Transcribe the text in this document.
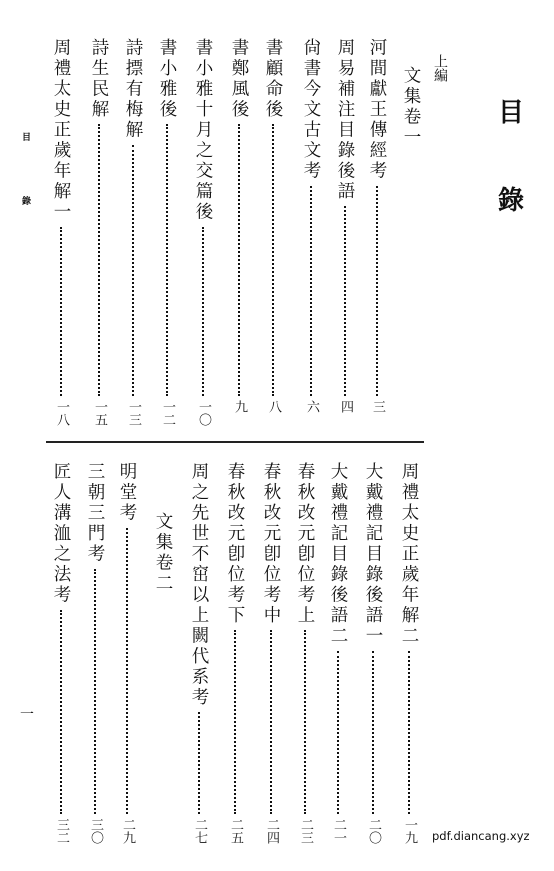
目
錄
目
錄
上編
文集卷一
河間獻王傳經考
三
周易補注目錄後語
四
尙書今文古文考
六
書顧命後
八
書鄭風後
九
書小雅十月之交篇後
一〇
書小雅後
一二
詩摽有梅解
一三
詩生民解
一五
周禮太史正歲年解一
一八
文集卷二	周禮太史正歲年解二
一九
大戴禮記目錄後語一
二〇
大戴禮記目錄後語二
二一
春秋改元卽位考上
二三
春秋改元卽位考中
二四
春秋改元卽位考下
二五
周之先世不窋以上闕代系考
二七
明堂考
二九
三朝三門考
三〇
匠人溝洫之法考
三二
一
pdf.diancang.xyz
